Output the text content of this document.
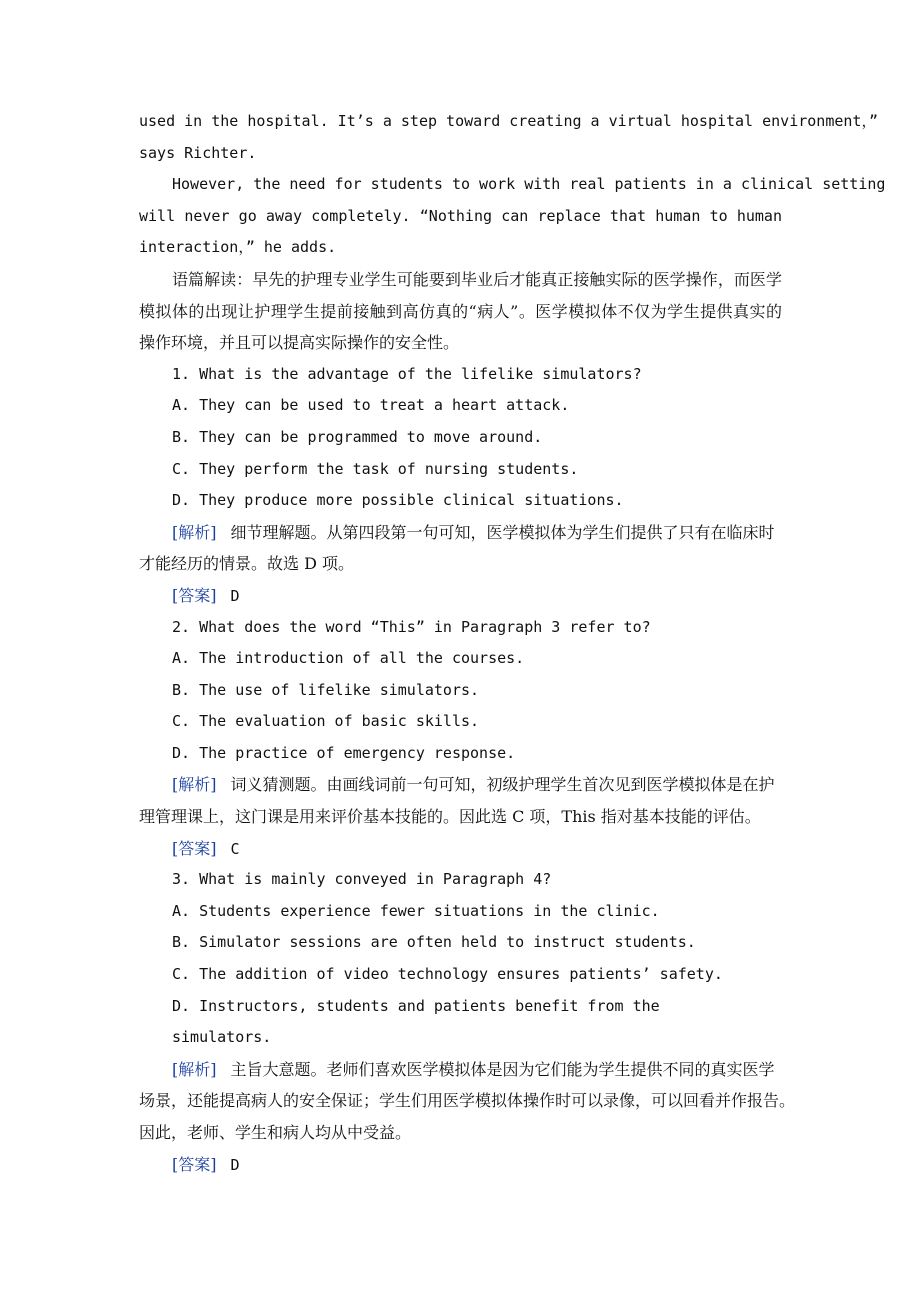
used in the hospital. It’s a step toward creating a virtual hospital environment，”
says Richter.
However, the need for students to work with real patients in a clinical setting
will never go away completely. “Nothing can replace that human to human
interaction，” he adds.
语篇解读：早先的护理专业学生可能要到毕业后才能真正接触实际的医学操作，而医学
模拟体的出现让护理学生提前接触到高仿真的“病人”。医学模拟体不仅为学生提供真实的
操作环境，并且可以提高实际操作的安全性。
1. What is the advantage of the lifelike simulators?
A. They can be used to treat a heart attack.
B. They can be programmed to move around.
C. They perform the task of nursing students.
D. They produce more possible clinical situations.
[解析] 细节理解题。从第四段第一句可知，医学模拟体为学生们提供了只有在临床时
才能经历的情景。故选 D 项。
[答案] D
2. What does the word “This” in Paragraph 3 refer to?
A. The introduction of all the courses.
B. The use of lifelike simulators.
C. The evaluation of basic skills.
D. The practice of emergency response.
[解析] 词义猜测题。由画线词前一句可知，初级护理学生首次见到医学模拟体是在护
理管理课上，这门课是用来评价基本技能的。因此选 C 项，This 指对基本技能的评估。
[答案] C
3. What is mainly conveyed in Paragraph 4?
A. Students experience fewer situations in the clinic.
B. Simulator sessions are often held to instruct students.
C. The addition of video technology ensures patients’ safety.
D. Instructors, students and patients benefit from the
simulators.
[解析] 主旨大意题。老师们喜欢医学模拟体是因为它们能为学生提供不同的真实医学
场景，还能提高病人的安全保证；学生们用医学模拟体操作时可以录像，可以回看并作报告。
因此，老师、学生和病人均从中受益。
[答案] D
